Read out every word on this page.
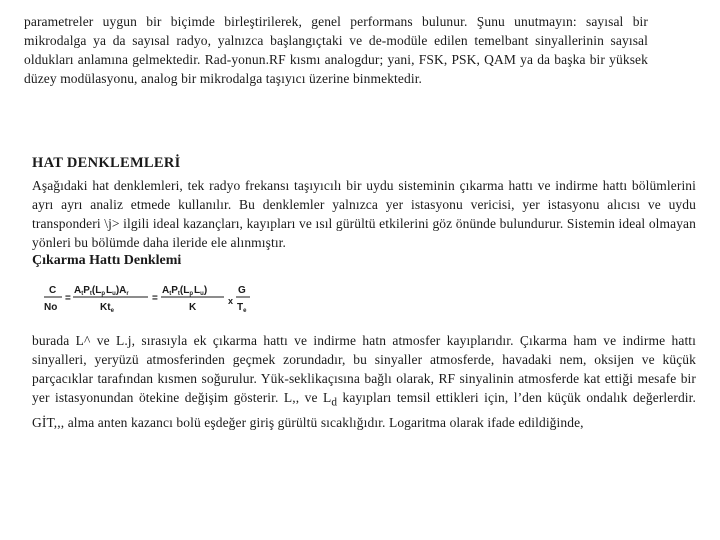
parametreler uygun bir biçimde birleştirilerek, genel performans bulunur. Şunu unutmayın: sayısal bir mikrodalga ya da sayısal radyo, yalnızca başlangıçtaki ve de-modüle edilen temelbant sinyallerinin sayısal oldukları anlamına gelmektedir. Rad-yonun.RF kısmı analogdur; yani, FSK, PSK, QAM ya da başka bir yüksek düzey modülasyonu, analog bir mikrodalga taşıyıcı üzerine binmektedir.

HAT DENKLEMLERİ

Aşağıdaki hat denklemleri, tek radyo frekansı taşıyıcılı bir uydu sisteminin çıkarma hattı ve indirme hattı bölümlerini ayrı ayrı analiz etmede kullanılır. Bu denklemler yalnızca yer istasyonu vericisi, yer istasyonu alıcısı ve uydu transponderi \j> ilgili ideal kazançları, kayıpları ve ısıl gürültü etkilerini göz önünde bulundurur. Sistemin ideal olmayan yönleri bu bölümde daha ileride ele alınmıştır.

Çıkarma Hattı Denklemi
C
No
=
$A_tP_t(L_pL_u)A_r$
$Kt_e$
=
$A_tP_t(L_pL_u)$
K
x
G
$T_e$

burada L^ ve L.j, sırasıyla ek çıkarma hattı ve indirme hatn atmosfer kayıplarıdır. Çıkarma ham ve indirme hattı sinyalleri, yeryüzü atmosferinden geçmek zorundadır, bu sinyaller atmosferde, havadaki nem, oksijen ve küçük parçacıklar tarafından kısmen soğurulur. Yük-seklikaçısına bağlı olarak, RF sinyalinin atmosferde kat ettiği mesafe bir yer istasyonundan ötekine değişim gösterir. L,, ve $L_d$ kayıpları temsil ettikleri için, l’den küçük ondalık değerlerdir. GİT,,, alma anten kazancı bolü eşdeğer giriş gürültü sıcaklığıdır. Logaritma olarak ifade edildiğinde,
